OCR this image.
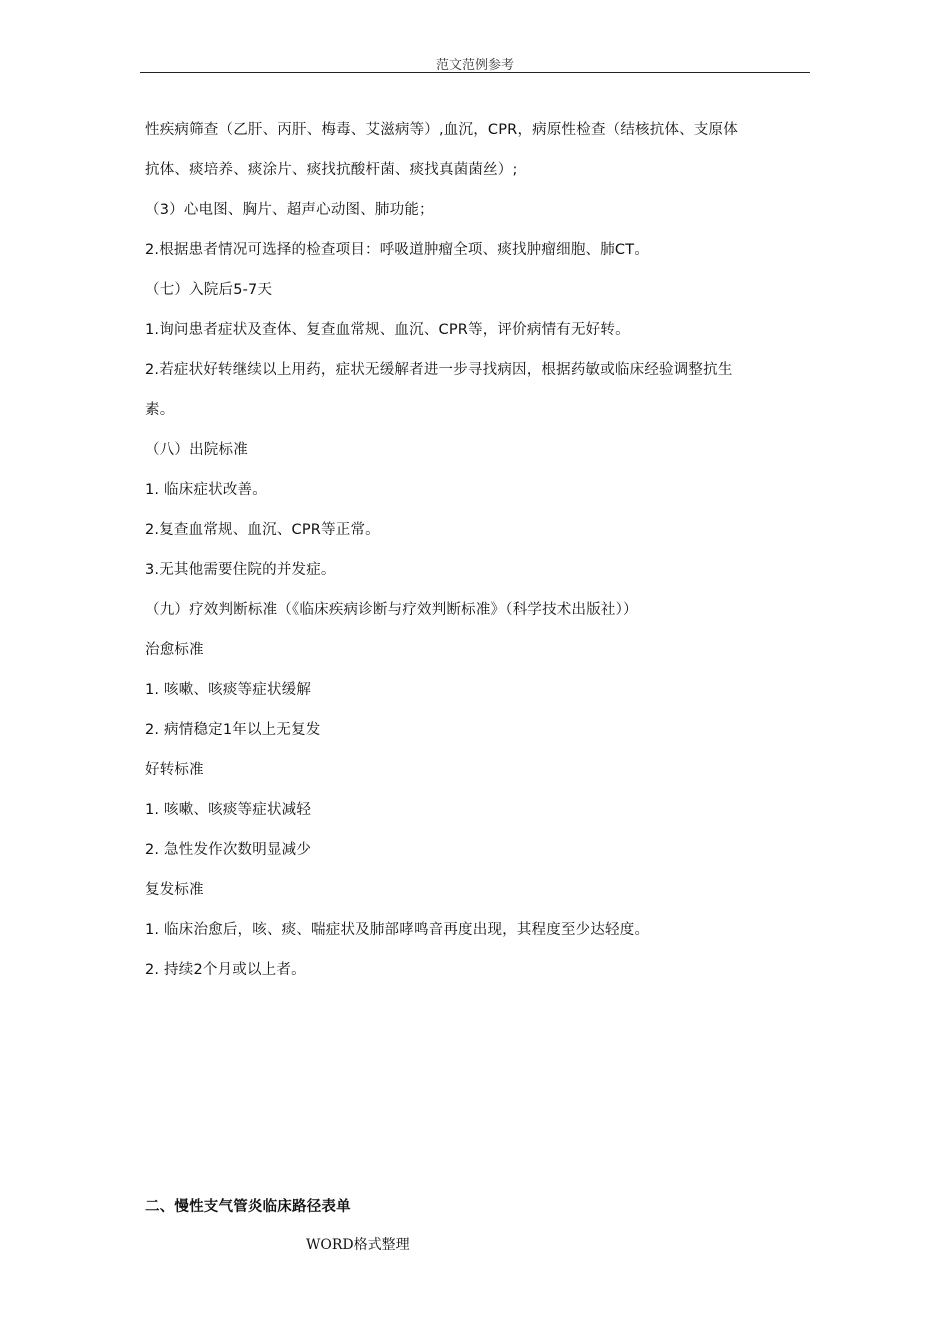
范文范例参考
性疾病筛查（乙肝、丙肝、梅毒、艾滋病等）,血沉，CPR，病原性检查（结核抗体、支原体
抗体、痰培养、痰涂片、痰找抗酸杆菌、痰找真菌菌丝）;
（3）心电图、胸片、超声心动图、肺功能；
2.根据患者情况可选择的检查项目：呼吸道肿瘤全项、痰找肿瘤细胞、肺CT。
（七）入院后5-7天
1.询问患者症状及查体、复查血常规、血沉、CPR等，评价病情有无好转。
2.若症状好转继续以上用药，症状无缓解者进一步寻找病因，根据药敏或临床经验调整抗生
素。
（八）出院标准
1. 临床症状改善。
2.复查血常规、血沉、CPR等正常。
3.无其他需要住院的并发症。
（九）疗效判断标准（《临床疾病诊断与疗效判断标准》（科学技术出版社））
治愈标准
1. 咳嗽、咳痰等症状缓解
2. 病情稳定1年以上无复发
好转标准
1. 咳嗽、咳痰等症状减轻
2. 急性发作次数明显减少
复发标准
1. 临床治愈后，咳、痰、喘症状及肺部哮鸣音再度出现，其程度至少达轻度。
2. 持续2个月或以上者。
二、慢性支气管炎临床路径表单
WORD格式整理
